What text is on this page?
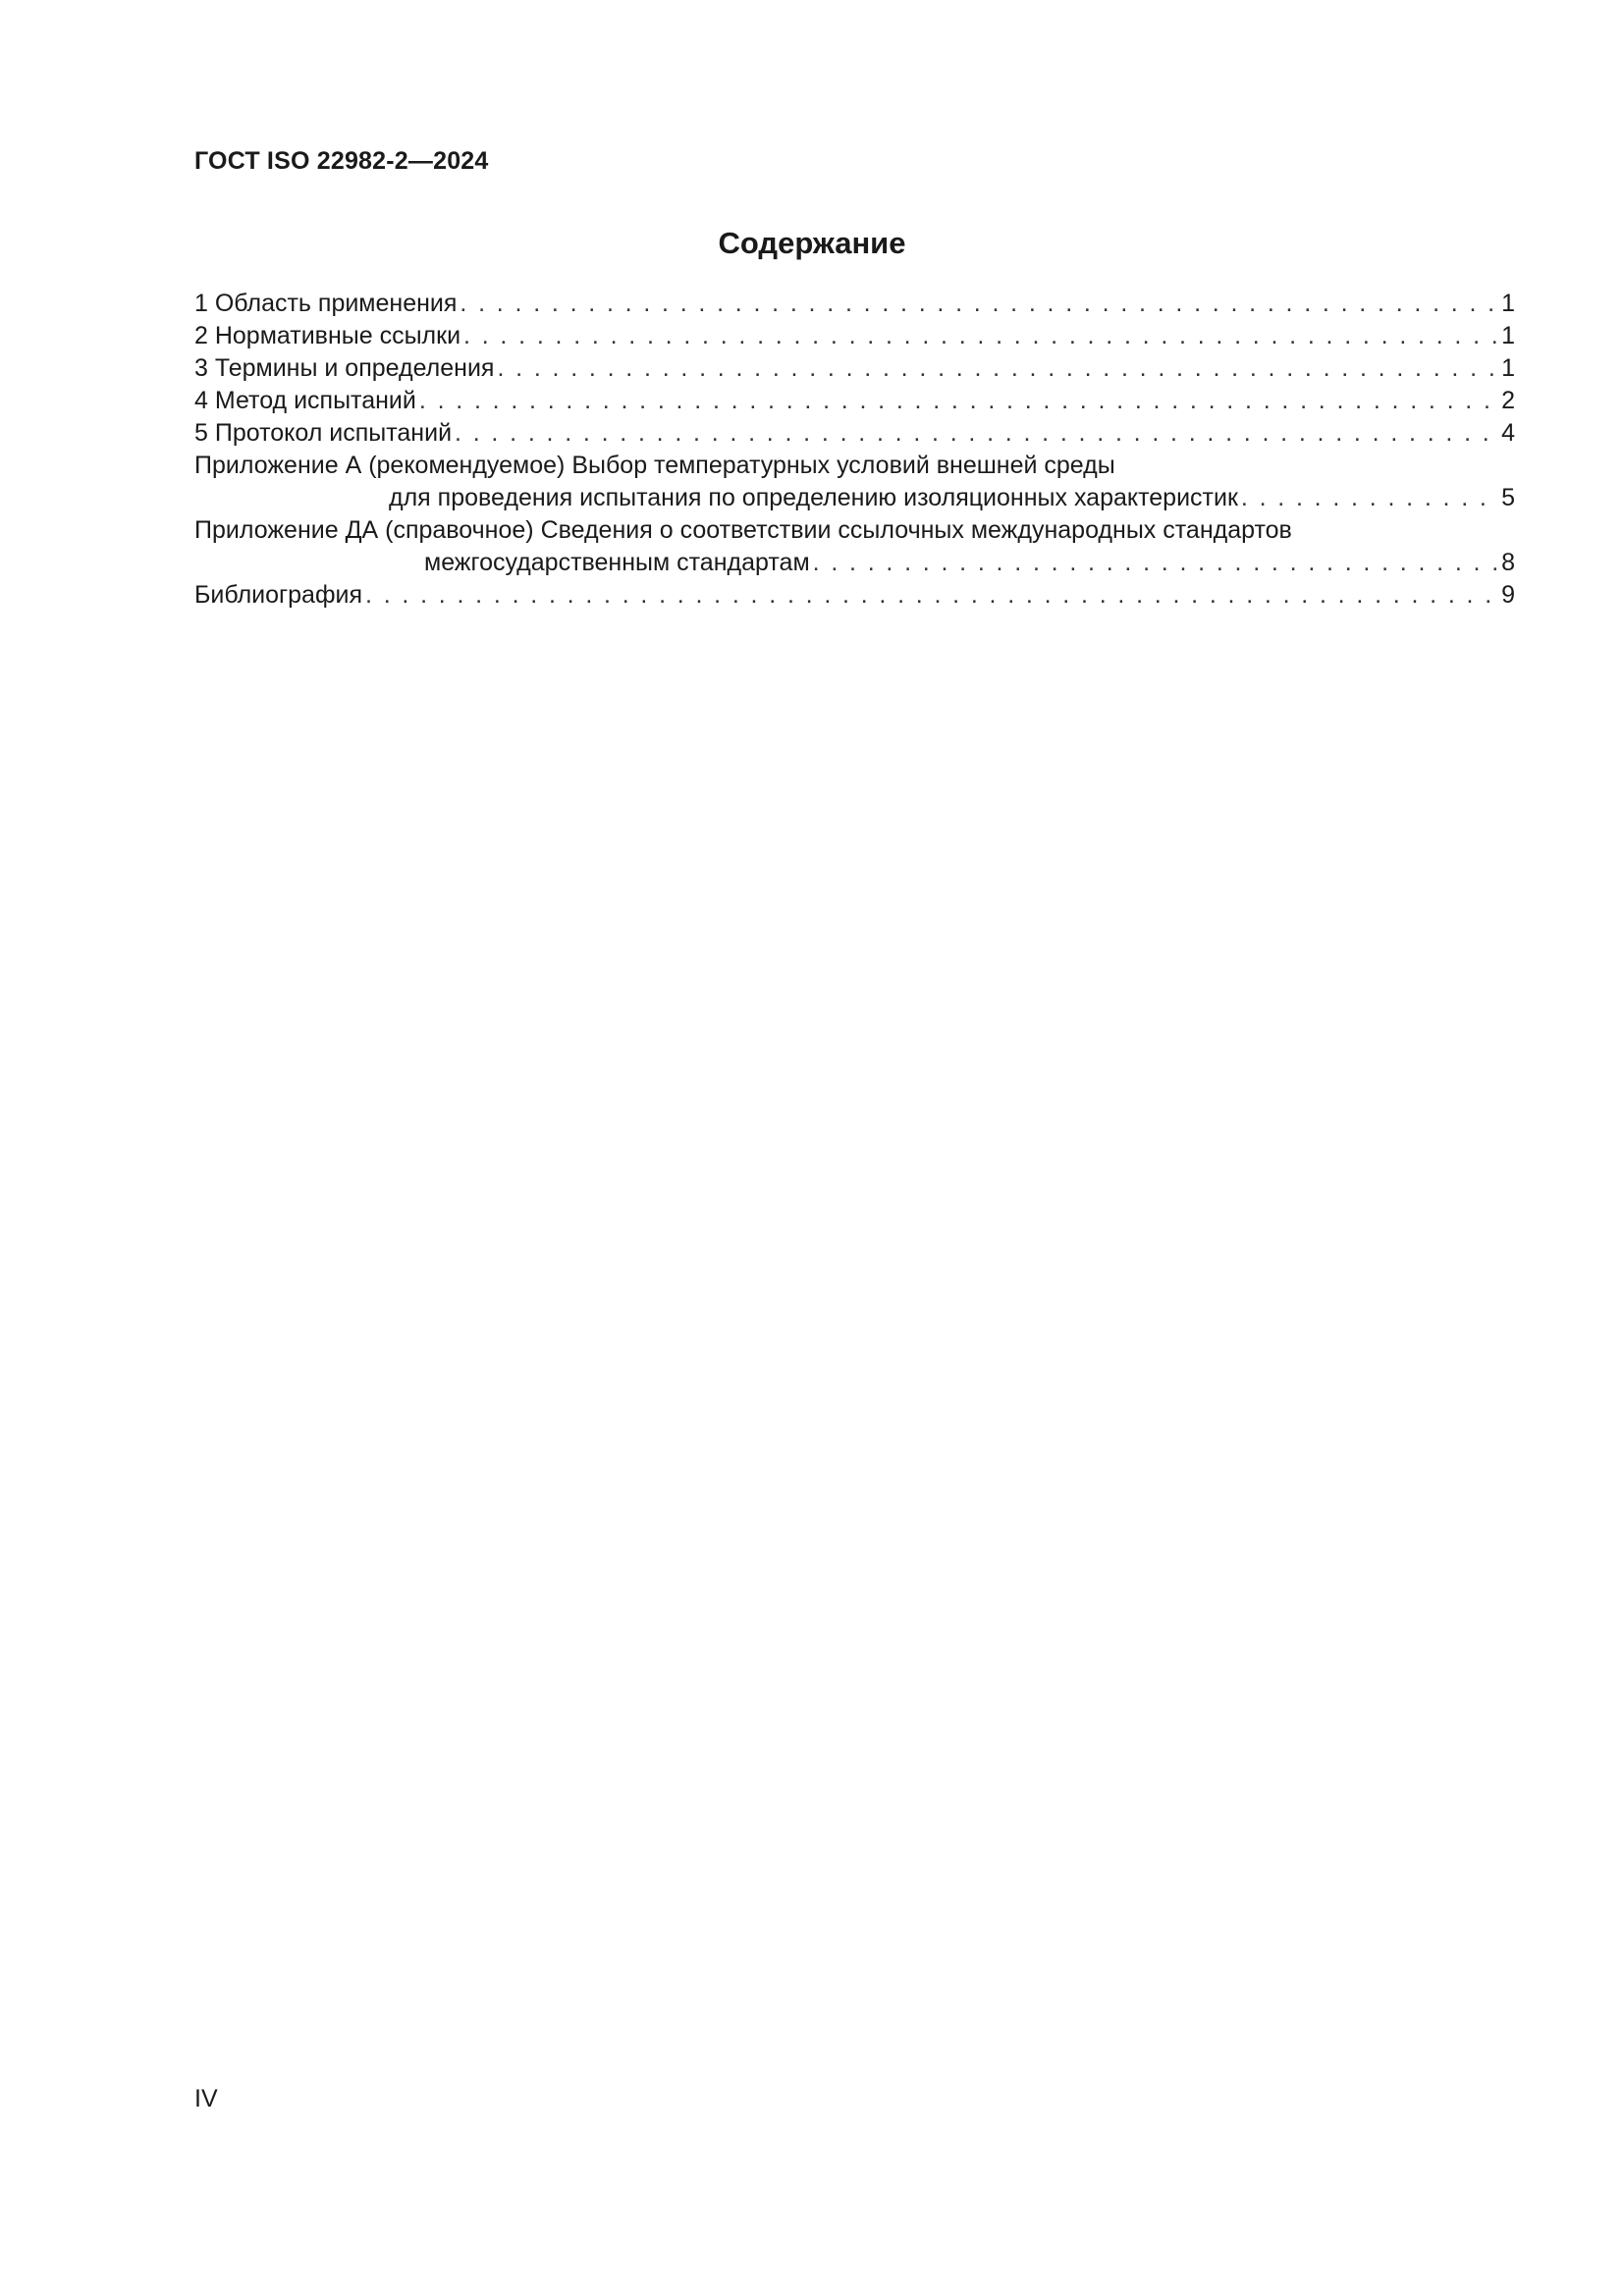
ГОСТ ISO 22982-2—2024
Содержание
1 Область применения . . .	1
2 Нормативные ссылки . . .	1
3 Термины и определения . . .	1
4 Метод испытаний . . .	2
5 Протокол испытаний . . .	4
Приложение А (рекомендуемое) Выбор температурных условий внешней среды
для проведения испытания по определению изоляционных характеристик . . .	5
Приложение ДА (справочное) Сведения о соответствии ссылочных международных стандартов
межгосударственным стандартам . . .	8
Библиография . . .	9
IV
